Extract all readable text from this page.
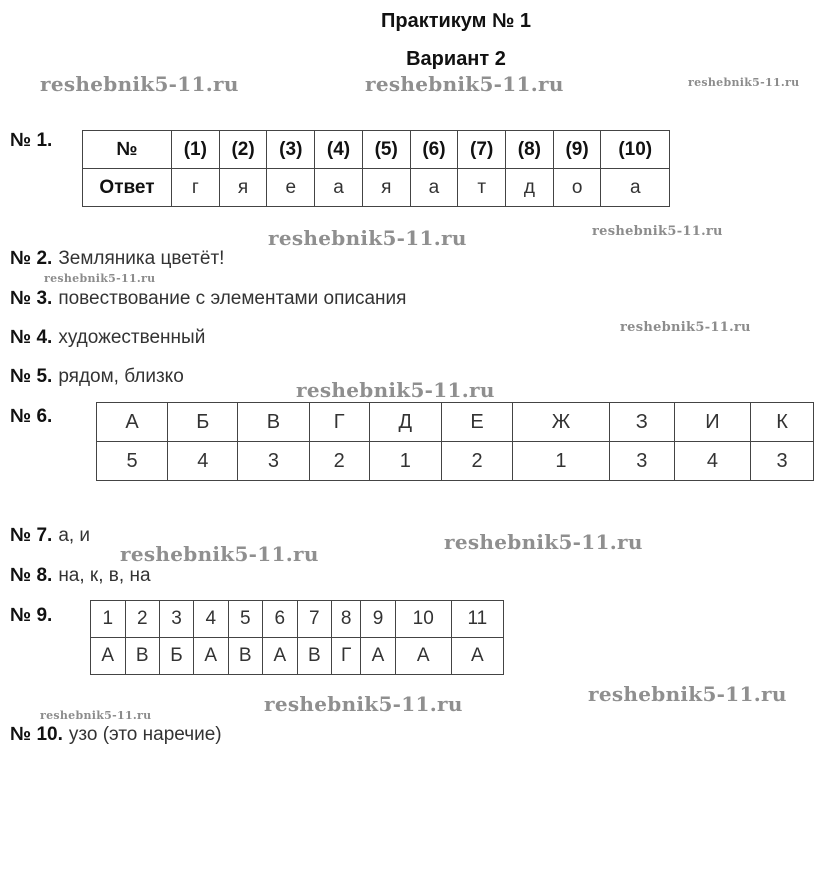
Практикум № 1
Вариант 2
reshebnik5-11.ru	reshebnik5-11.ru	reshebnik5-11.ru
№ 1.	№	(1)	(2)	(3)	(4)	(5)	(6)	(7)	(8)	(9)	(10)
Ответ	г	я	е	а	я	а	т	д	о	а
reshebnik5-11.ru	reshebnik5-11.ru
№ 2. Земляника цветёт!
reshebnik5-11.ru
№ 3. повествование с элементами описания
reshebnik5-11.ru
№ 4. художественный
№ 5. рядом, близко
reshebnik5-11.ru
№ 6.	А	Б	В	Г	Д	Е	Ж	З	И	К
5	4	3	2	1	2	1	3	4	3
№ 7. а, и	reshebnik5-11.ru
reshebnik5-11.ru
№ 8. на, к, в, на
№ 9.	1	2	3	4	5	6	7	8	9	10	11
А	В	Б	А	В	А	В	Г	А	А	А
reshebnik5-11.ru
reshebnik5-11.ru
reshebnik5-11.ru
№ 10. узо (это наречие)
